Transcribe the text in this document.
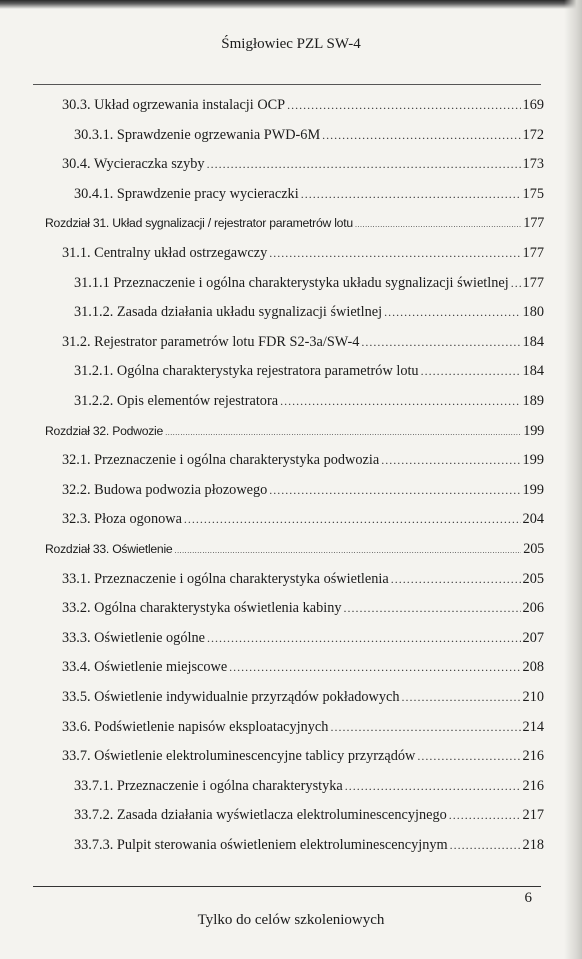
Śmigłowiec PZL SW-4
30.3. Układ ogrzewania instalacji OCP .....	169
30.3.1. Sprawdzenie ogrzewania PWD-6M .....	172
30.4. Wycieraczka szyby .....	173
30.4.1. Sprawdzenie pracy wycieraczki .....	175
Rozdział 31. Układ sygnalizacji / rejestrator parametrów lotu .....	177
31.1. Centralny układ ostrzegawczy .....	177
31.1.1 Przeznaczenie i ogólna charakterystyka układu sygnalizacji świetlnej ..... 177
31.1.2. Zasada działania układu sygnalizacji świetlnej .....	180
31.2. Rejestrator parametrów lotu FDR S2-3a/SW-4 .....	184
31.2.1. Ogólna charakterystyka rejestratora parametrów lotu .....	184
31.2.2. Opis elementów rejestratora .....	189
Rozdział 32. Podwozie .....	199
32.1. Przeznaczenie i ogólna charakterystyka podwozia .....	199
32.2. Budowa podwozia płozowego .....	199
32.3. Płoza ogonowa .....	204
Rozdział 33. Oświetlenie .....	205
33.1. Przeznaczenie i ogólna charakterystyka oświetlenia .....	205
33.2. Ogólna charakterystyka oświetlenia kabiny .....	206
33.3. Oświetlenie ogólne .....	207
33.4. Oświetlenie miejscowe .....	208
33.5. Oświetlenie indywidualnie przyrządów pokładowych .....	210
33.6. Podświetlenie napisów eksploatacyjnych .....	214
33.7. Oświetlenie elektroluminescencyjne tablicy przyrządów .....	216
33.7.1. Przeznaczenie i ogólna charakterystyka .....	216
33.7.2. Zasada działania wyświetlacza elektroluminescencyjnego .....	217
33.7.3. Pulpit sterowania oświetleniem elektroluminescencyjnym .....	218
6
Tylko do celów szkoleniowych
